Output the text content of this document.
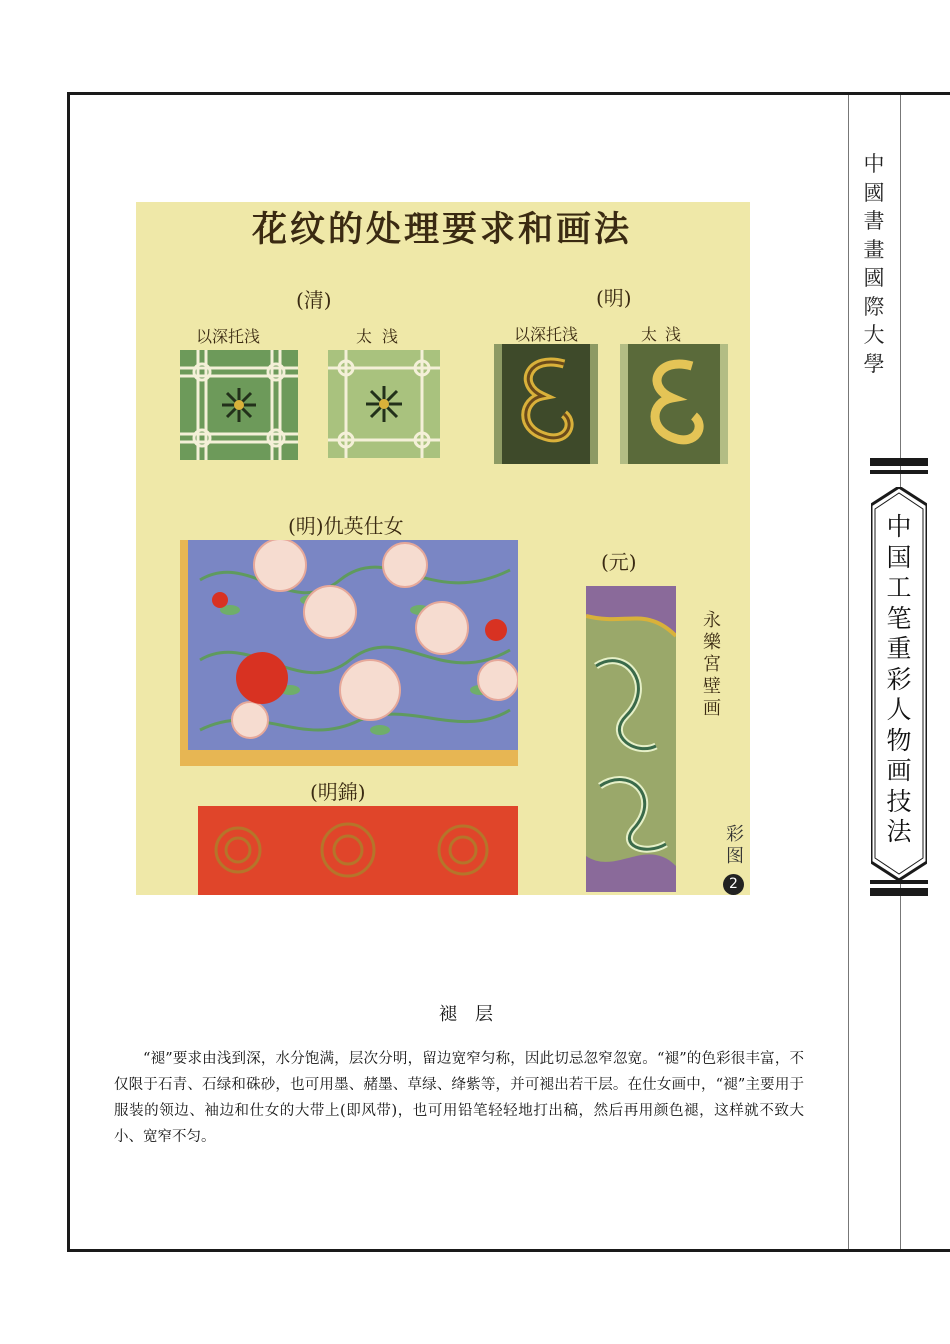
中國書畫國際大學
中国工笔重彩人物画技法
花纹的处理要求和画法
(清)	(明)
以深托浅	太浅	以深托浅	太浅
(明)仇英仕女
(元)
永樂宮壁画
(明錦)
彩图
2
褪层

“褪”要求由浅到深，水分饱满，层次分明，留边宽窄匀称，因此切忌忽窄忽宽。“褪”的色彩很丰富，不仅限于石青、石绿和硃砂，也可用墨、赭墨、草绿、绛紫等，并可褪出若干层。在仕女画中，“褪”主要用于服装的领边、袖边和仕女的大带上(即风带)，也可用铅笔轻轻地打出稿，然后再用颜色褪，这样就不致大小、宽窄不匀。
